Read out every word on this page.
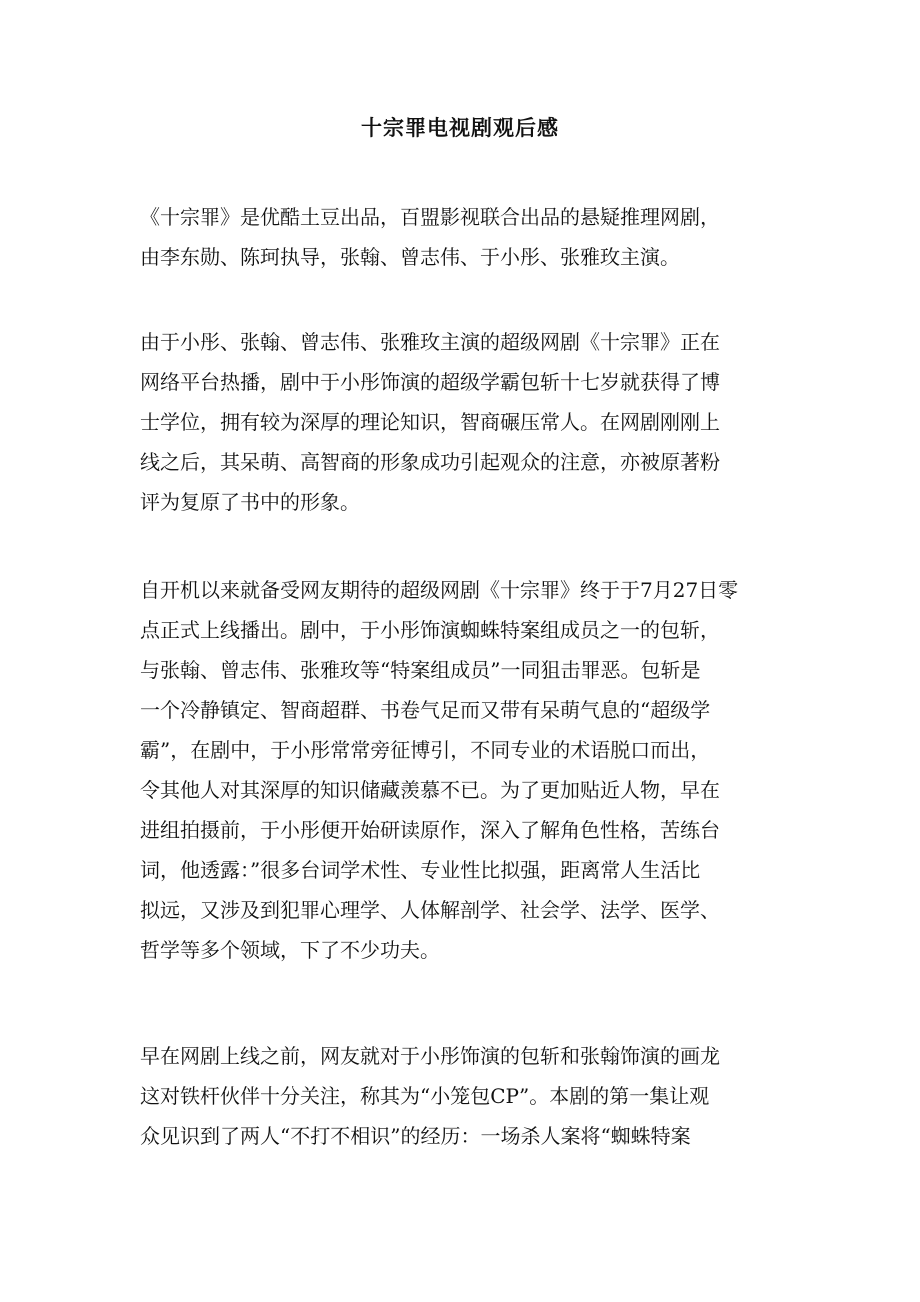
十宗罪电视剧观后感
《十宗罪》是优酷土豆出品，百盟影视联合出品的悬疑推理网剧，
由李东勋、陈珂执导，张翰、曾志伟、于小彤、张雅玫主演。
由于小彤、张翰、曾志伟、张雅玫主演的超级网剧《十宗罪》正在
网络平台热播，剧中于小彤饰演的超级学霸包斩十七岁就获得了博
士学位，拥有较为深厚的理论知识，智商碾压常人。在网剧刚刚上
线之后，其呆萌、高智商的形象成功引起观众的注意，亦被原著粉
评为复原了书中的形象。
自开机以来就备受网友期待的超级网剧《十宗罪》终于于7月27日零
点正式上线播出。剧中，于小彤饰演蜘蛛特案组成员之一的包斩，
与张翰、曾志伟、张雅玫等“特案组成员”一同狙击罪恶。包斩是
一个冷静镇定、智商超群、书卷气足而又带有呆萌气息的“超级学
霸”，在剧中，于小彤常常旁征博引，不同专业的术语脱口而出，
令其他人对其深厚的知识储藏羡慕不已。为了更加贴近人物，早在
进组拍摄前，于小彤便开始研读原作，深入了解角色性格，苦练台
词，他透露：”很多台词学术性、专业性比拟强，距离常人生活比
拟远，又涉及到犯罪心理学、人体解剖学、社会学、法学、医学、
哲学等多个领域，下了不少功夫。
早在网剧上线之前，网友就对于小彤饰演的包斩和张翰饰演的画龙
这对铁杆伙伴十分关注，称其为“小笼包CP”。本剧的第一集让观
众见识到了两人“不打不相识”的经历：一场杀人案将“蜘蛛特案
